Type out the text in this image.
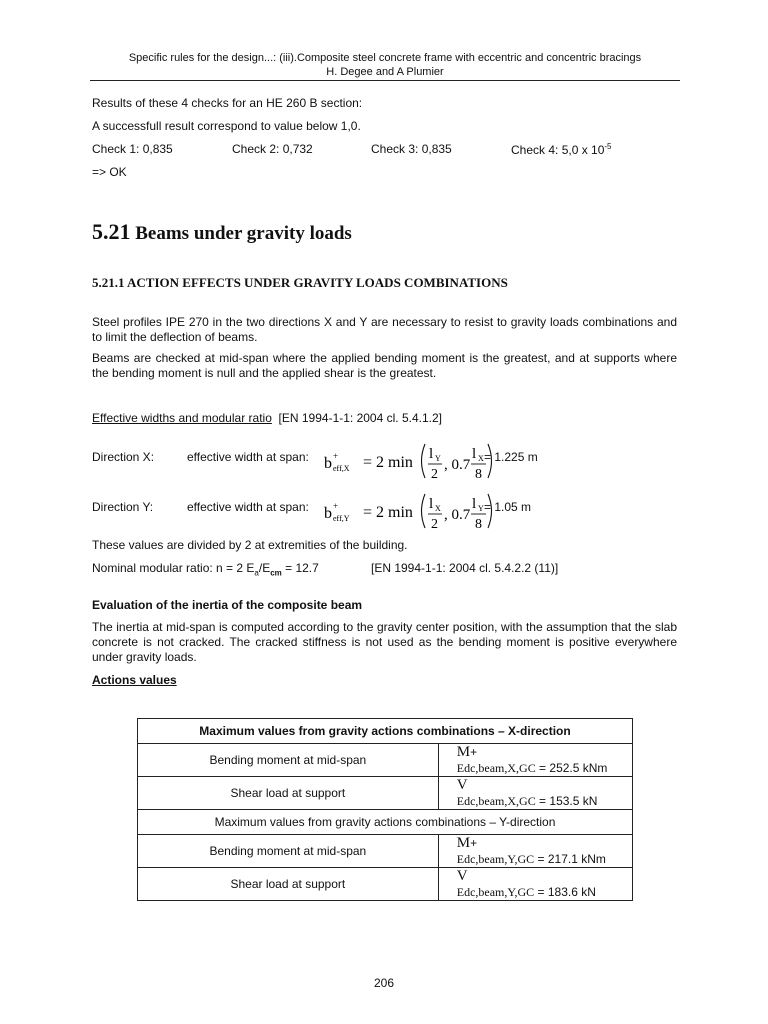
Specific rules for the design...: (iii).Composite steel concrete frame with eccentric and concentric bracings
H. Degee and A Plumier
Results of these 4 checks for an HE 260 B section:
A successfull result correspond to value below 1,0.
Check 1: 0,835	Check 2: 0,732	Check 3: 0,835	Check 4: 5,0 x $10^{-5}$
=> OK
5.21 Beams under gravity loads
5.21.1 ACTION EFFECTS UNDER GRAVITY LOADS COMBINATIONS
Steel profiles IPE 270 in the two directions X and Y are necessary to resist to gravity loads combinations and to limit the deflection of beams.
Beams are checked at mid-span where the applied bending moment is the greatest, and at supports where the bending moment is null and the applied shear is the greatest.
Effective widths and modular ratio [EN 1994-1-1: 2004 cl. 5.4.1.2]
Direction X:	effective width at span: b +
eff,X = 2 min l Y
2
, 0.7
l X
8
= 1.225 m
Direction Y:	effective width at span: b +
eff,Y = 2 min l X
2
, 0.7
l Y
8
= 1.05 m
These values are divided by 2 at extremities of the building.
Nominal modular ratio: n = 2 $E_a/E_{cm} = 12.7$	[EN 1994-1-1: 2004 cl. 5.4.2.2 (11)]
Evaluation of the inertia of the composite beam
The inertia at mid-span is computed according to the gravity center position, with the assumption that the slab concrete is not cracked. The cracked stiffness is not used as the bending moment is positive everywhere under gravity loads.
Actions values
Maximum values from gravity actions combinations – X-direction	
Bending moment at mid-span	M+
Edc,beam,X,GC = 252.5 kNm
Shear load at support	V
Edc,beam,X,GC = 153.5 kN
Maximum values from gravity actions combinations – Y-direction	
Bending moment at mid-span	M+
Edc,beam,Y,GC = 217.1 kNm
Shear load at support	V
Edc,beam,Y,GC = 183.6 kN
206
